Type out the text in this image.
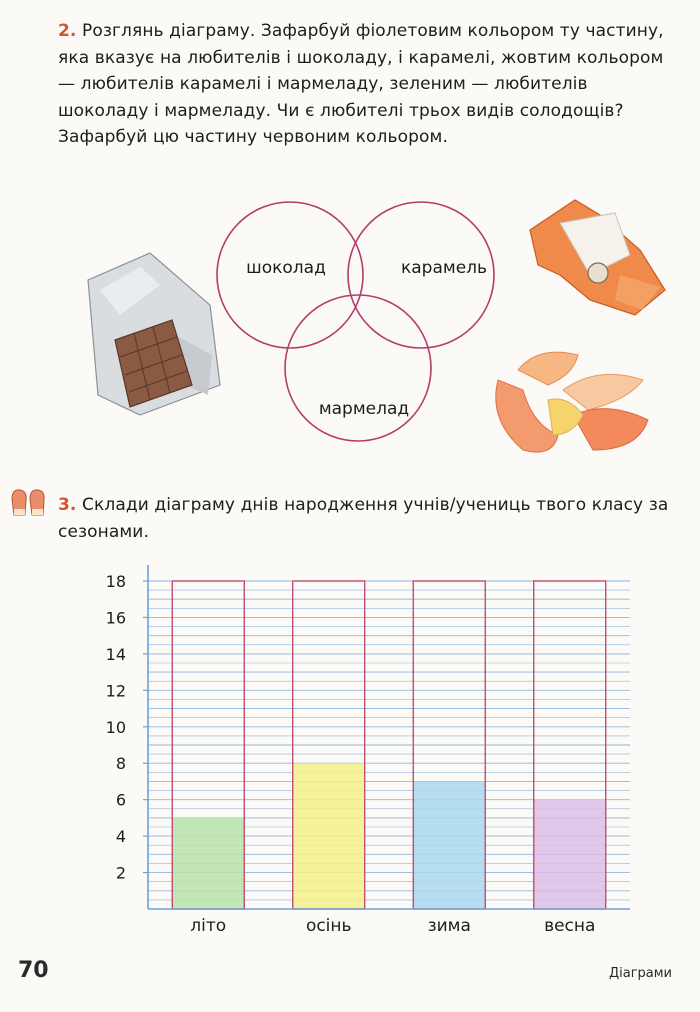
2. Розглянь діаграму. Зафарбуй фіолетовим кольором ту частину, яка вказує на любителів і шоколаду, і карамелі, жовтим кольором — любителів карамелі і мармеладу, зеленим — любителів шоколаду і мармеладу. Чи є любителі трьох видів солодощів? Зафарбуй цю частину червоним кольором.
шоколад	карамель
мармелад
3. Склади діаграму днів народження учнів/учениць твого класу за сезонами.
2
4
6
8
10
12
14
16
18
літо	осінь	зима	весна
70	Діаграми
